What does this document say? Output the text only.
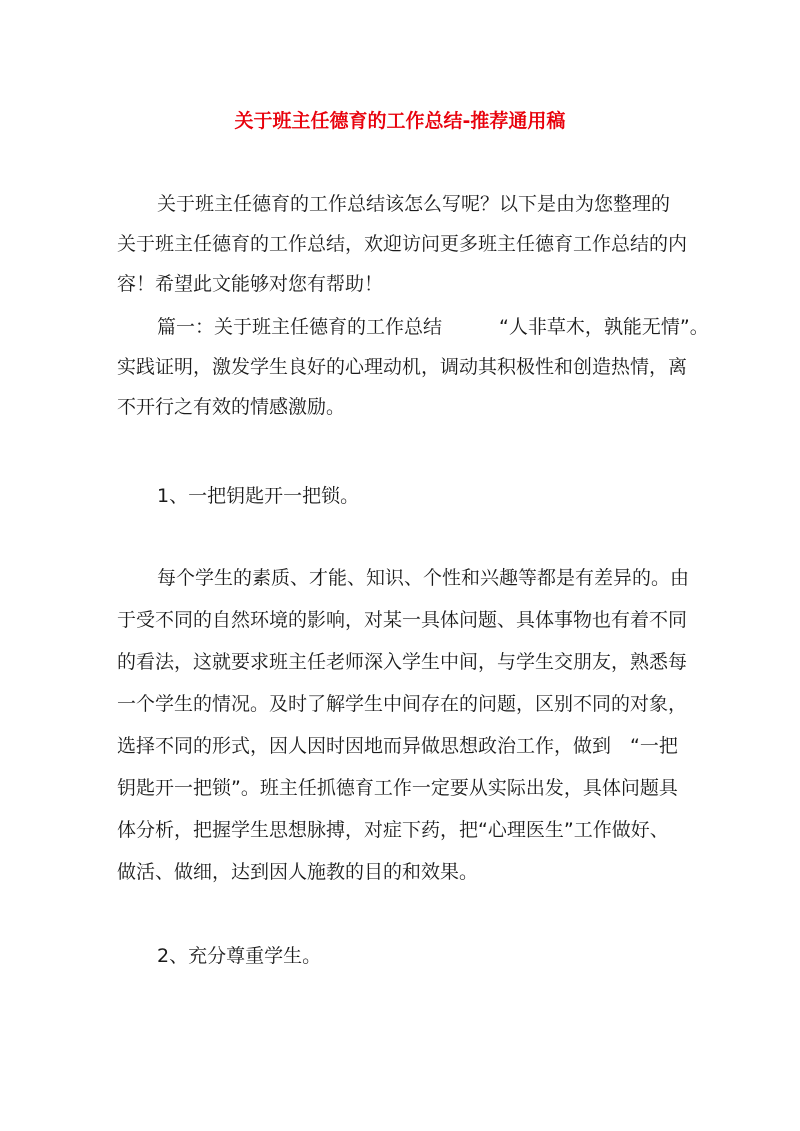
关于班主任德育的工作总结-推荐通用稿
关于班主任德育的工作总结该怎么写呢？以下是由为您整理的
关于班主任德育的工作总结，欢迎访问更多班主任德育工作总结的内
容！希望此文能够对您有帮助！
篇一：关于班主任德育的工作总结　　　“人非草木，孰能无情”。
实践证明，激发学生良好的心理动机，调动其积极性和创造热情，离
不开行之有效的情感激励。
1、一把钥匙开一把锁。
每个学生的素质、才能、知识、个性和兴趣等都是有差异的。由
于受不同的自然环境的影响，对某一具体问题、具体事物也有着不同
的看法，这就要求班主任老师深入学生中间，与学生交朋友，熟悉每
一个学生的情况。及时了解学生中间存在的问题，区别不同的对象，
选择不同的形式，因人因时因地而异做思想政治工作，做到　“一把
钥匙开一把锁”。班主任抓德育工作一定要从实际出发，具体问题具
体分析，把握学生思想脉搏，对症下药，把“心理医生”工作做好、
做活、做细，达到因人施教的目的和效果。
2、充分尊重学生。
